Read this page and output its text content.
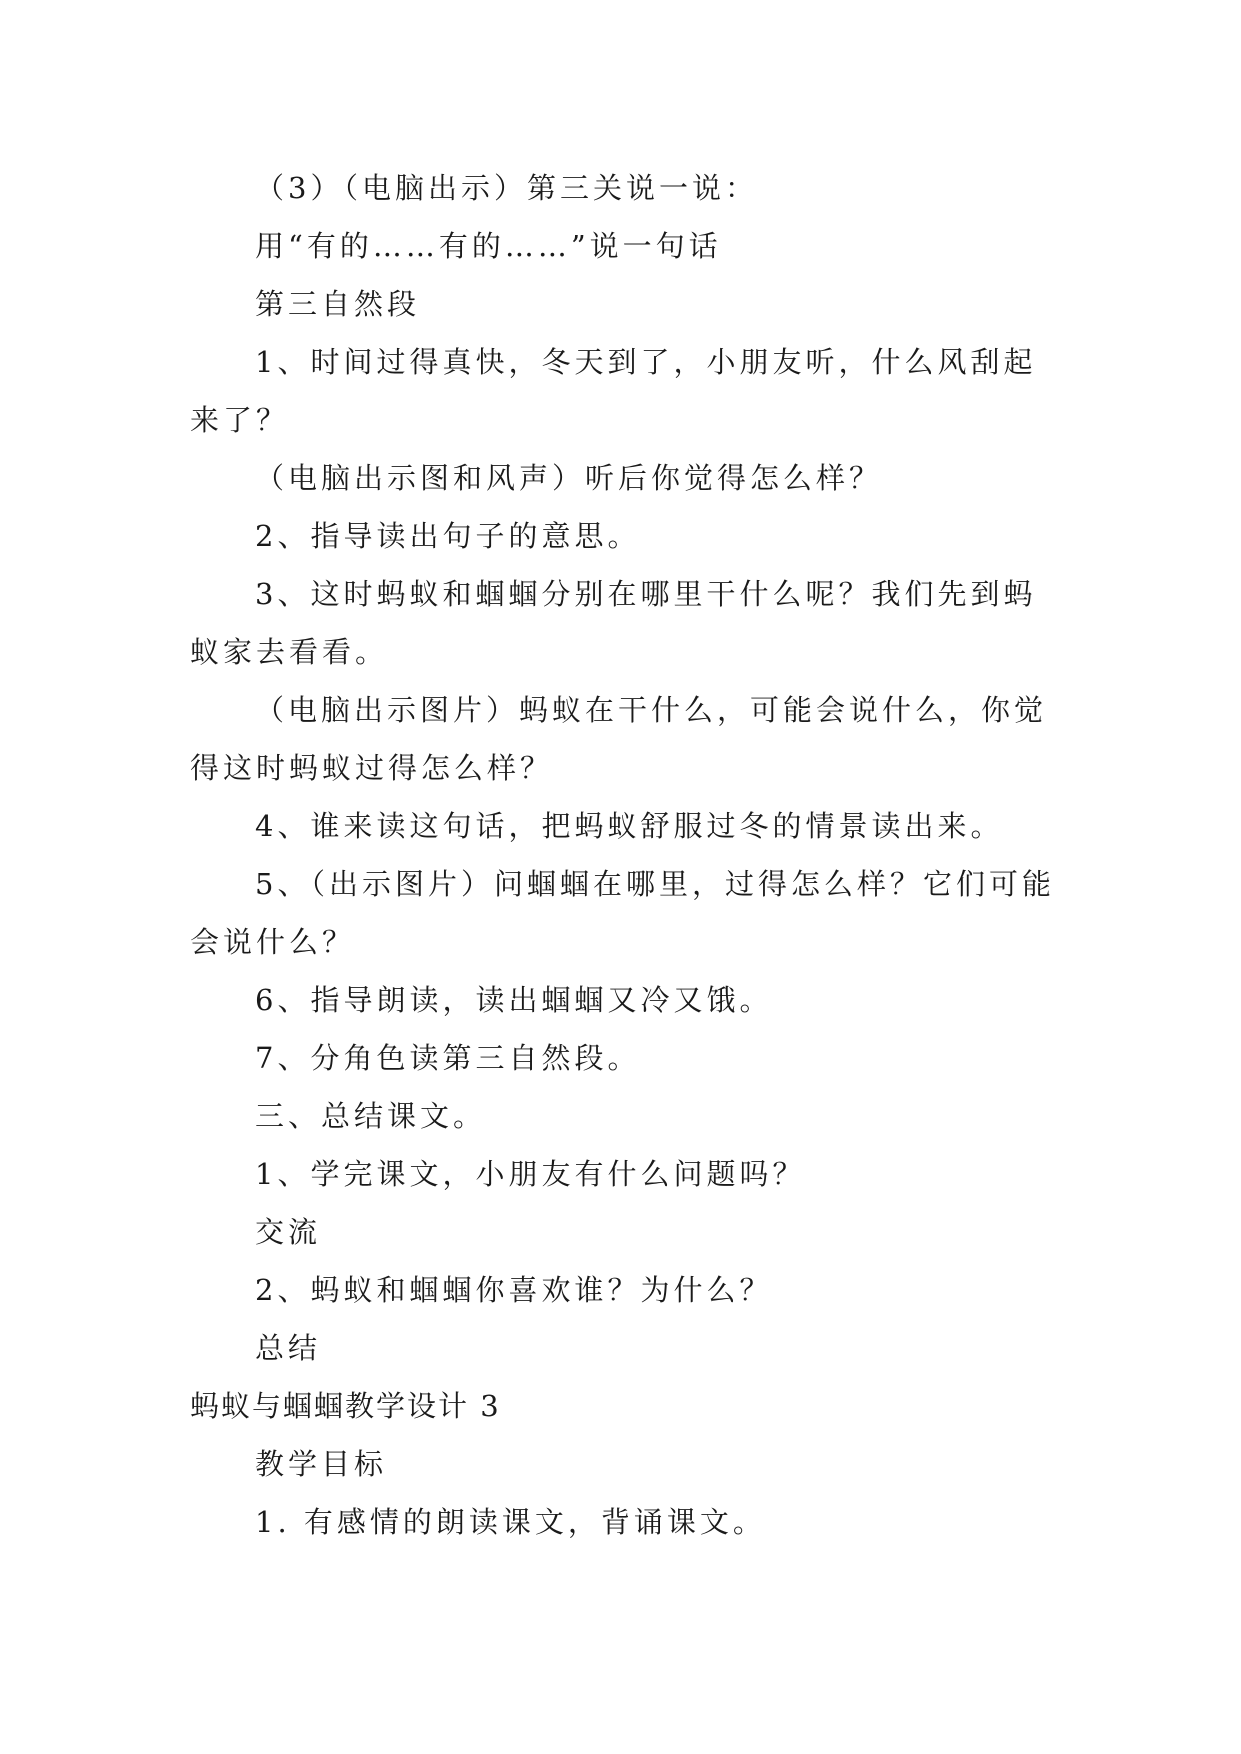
（3）（电脑出示）第三关说一说：
用“有的……有的……”说一句话
第三自然段
1、时间过得真快，冬天到了，小朋友听，什么风刮起
来了？
（电脑出示图和风声）听后你觉得怎么样？
2、指导读出句子的意思。
3、这时蚂蚁和蝈蝈分别在哪里干什么呢？我们先到蚂
蚁家去看看。
（电脑出示图片）蚂蚁在干什么，可能会说什么，你觉
得这时蚂蚁过得怎么样？
4、谁来读这句话，把蚂蚁舒服过冬的情景读出来。
5、（出示图片）问蝈蝈在哪里，过得怎么样？它们可能
会说什么？
6、指导朗读，读出蝈蝈又冷又饿。
7、分角色读第三自然段。
三、总结课文。
1、学完课文，小朋友有什么问题吗？
交流
2、蚂蚁和蝈蝈你喜欢谁？为什么？
总结
蚂蚁与蝈蝈教学设计 3
教学目标
1. 有感情的朗读课文，背诵课文。
